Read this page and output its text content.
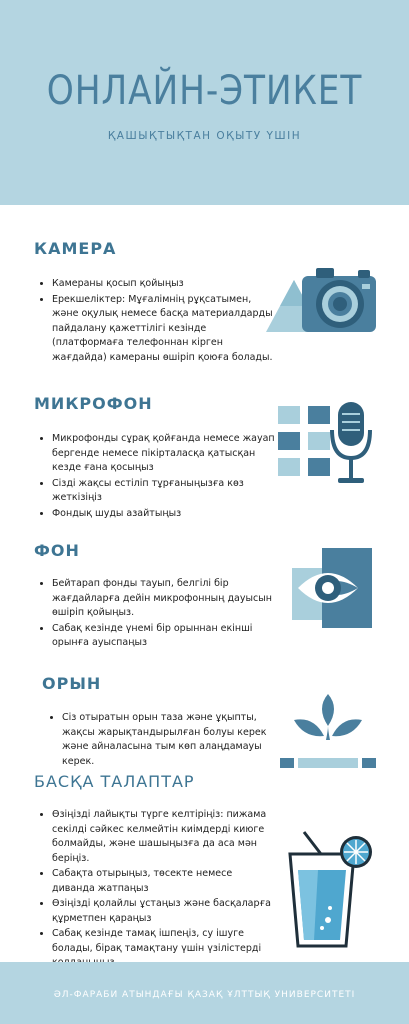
ОНЛАЙН-ЭТИКЕТ
ҚАШЫҚТЫҚТАН ОҚЫТУ ҮШІН
КАМЕРА
• Камераны қосып қойыңыз
• Ерекшеліктер: Мұғалімнің рұқсатымен, және оқулық немесе басқа материалдарды пайдалану қажеттілігі кезінде (платформаға телефоннан кірген жағдайда) камераны өшіріп қоюға болады.
МИКРОФОН
• Микрофонды сұрақ қойғанда немесе жауап бергенде немесе пікірталасқа қатысқан кезде ғана қосыңыз
• Сізді жақсы естіліп тұрғаныңызға көз жеткізіңіз
• Фондық шуды азайтыңыз
ФОН
• Бейтарап фонды тауып, белгілі бір жағдайларға дейін микрофонның дауысын өшіріп қойыңыз.
• Сабақ кезінде үнемі бір орыннан екінші орынға ауыспаңыз
ОРЫН
• Сіз отыратын орын таза және ұқыпты, жақсы жарықтандырылған болуы керек және айналасына тым көп алаңдамауы керек.
БАСҚА ТАЛАПТАР
• Өзіңізді лайықты түрге келтіріңіз: пижама секілді сәйкес келмейтін киімдерді киюге болмайды, және шашыңызға да аса мән беріңіз.
• Сабақта отырыңыз, төсекте немесе диванда жатпаңыз
• Өзіңізді қолайлы ұстаңыз және басқаларға құрметпен қараңыз
• Сабақ кезінде тамақ ішпеңіз, су ішуге болады, бірақ тамақтану үшін үзілістерді
ӘЛ-ФАРАБИ АТЫНДАҒЫ ҚАЗАҚ ҰЛТТЫҚ УНИВЕРСИТЕТІ
